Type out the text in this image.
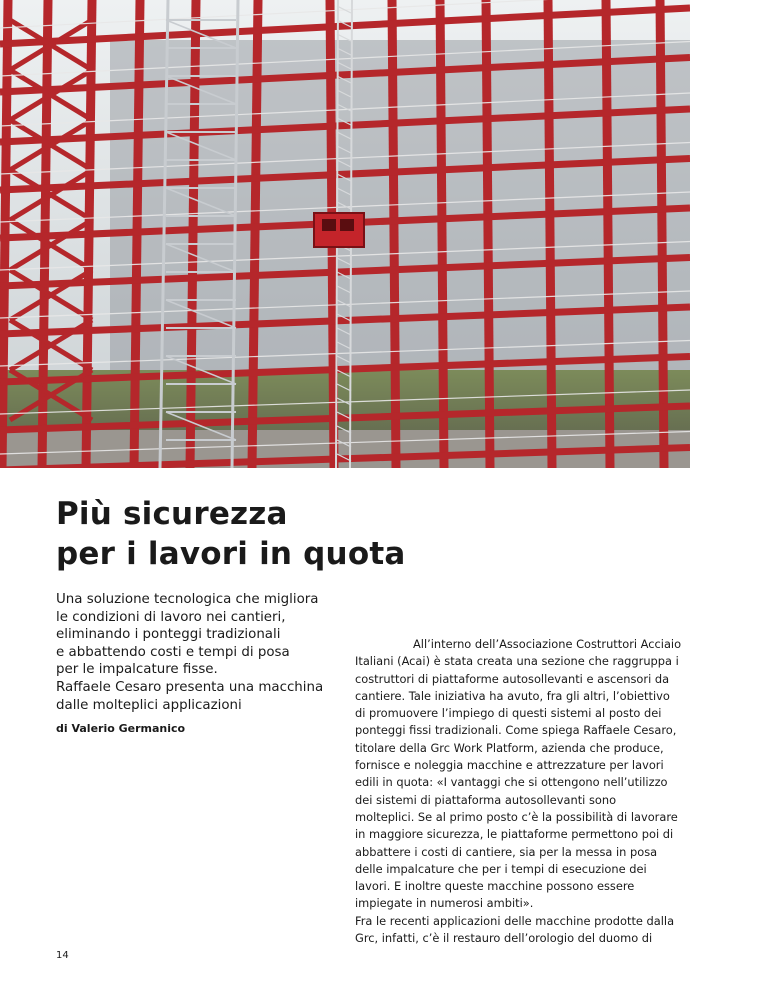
Più sicurezza
per i lavori in quota
Una soluzione tecnologica che migliora
le condizioni di lavoro nei cantieri,
eliminando i ponteggi tradizionali
e abbattendo costi e tempi di posa
per le impalcature fisse.
Raffaele Cesaro presenta una macchina
dalle molteplici applicazioni
di Valerio Germanico
All’interno dell’Associazione Costruttori Acciaio
Italiani (Acai) è stata creata una sezione che raggruppa i
costruttori di piattaforme autosollevanti e ascensori da
cantiere. Tale iniziativa ha avuto, fra gli altri, l’obiettivo
di promuovere l’impiego di questi sistemi al posto dei
ponteggi fissi tradizionali. Come spiega Raffaele Cesaro,
titolare della Grc Work Platform, azienda che produce,
fornisce e noleggia macchine e attrezzature per lavori
edili in quota: «I vantaggi che si ottengono nell’utilizzo
dei sistemi di piattaforma autosollevanti sono
molteplici. Se al primo posto c’è la possibilità di lavorare
in maggiore sicurezza, le piattaforme permettono poi di
abbattere i costi di cantiere, sia per la messa in posa
delle impalcature che per i tempi di esecuzione dei
lavori. E inoltre queste macchine possono essere
impiegate in numerosi ambiti».
Fra le recenti applicazioni delle macchine prodotte dalla
Grc, infatti, c’è il restauro dell’orologio del duomo di
14
